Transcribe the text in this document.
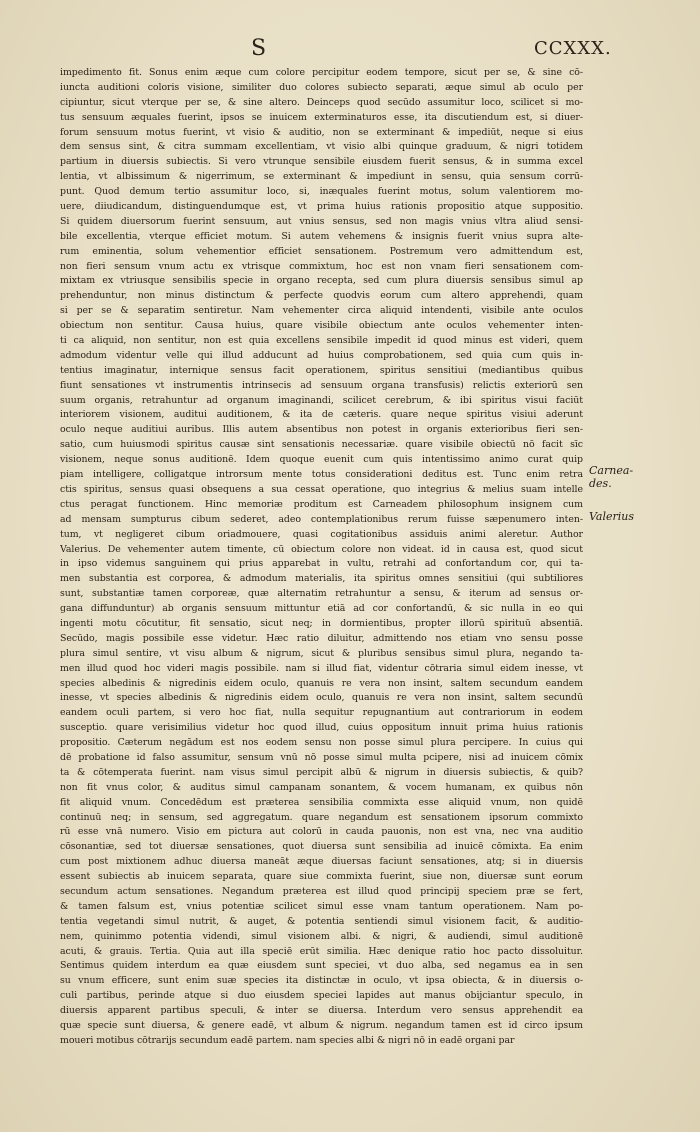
S	CCXXX.
impedimento fit. Sonus enim æque cum colore percipitur eodem tempore, sicut per se, & sine cō-
iuncta auditioni coloris visione, similiter duo colores subiecto separati, æque simul ab oculo per
cipiuntur, sicut vterque per se, & sine altero. Deinceps quod secūdo assumitur loco, scilicet si mo-
tus sensuum æquales fuerint, ipsos se inuicem exterminaturos esse, ita discutiendum est, si diuer-
forum sensuum motus fuerint, vt visio & auditio, non se exterminant & impediūt, neque si eius
dem sensus sint, & citra summam excellentiam, vt visio albi quinque graduum, & nigri totidem
partium in diuersis subiectis. Si vero vtrunque sensibile eiusdem fuerit sensus, & in summa excel
lentia, vt albissimum & nigerrimum, se exterminant & impediunt in sensu, quia sensum corrū-
punt. Quod demum tertio assumitur loco, si, inæquales fuerint motus, solum valentiorem mo-
uere, diiudicandum, distinguendumque est, vt prima huius rationis propositio atque suppositio.
Si quidem diuersorum fuerint sensuum, aut vnius sensus, sed non magis vnius vltra aliud sensi-
bile excellentia, vterque efficiet motum. Si autem vehemens & insignis fuerit vnius supra alte-
rum eminentia, solum vehementior efficiet sensationem. Postremum vero admittendum est,
non fieri sensum vnum actu ex vtrisque commixtum, hoc est non vnam fieri sensationem com-
mixtam ex vtriusque sensibilis specie in organo recepta, sed cum plura diuersis sensibus simul ap
prehenduntur, non minus distinctum & perfecte quodvis eorum cum altero apprehendi, quam
si per se & separatim sentiretur. Nam vehementer circa aliquid intendenti, visibile ante oculos
obiectum non sentitur. Causa huius, quare visibile obiectum ante oculos vehementer inten-
ti ca aliquid, non sentitur, non est quia excellens sensibile impedit id quod minus est videri, quem
admodum videntur velle qui illud adducunt ad huius comprobationem, sed quia cum quis in-
tentius imaginatur, internique sensus facit operationem, spiritus sensitiui (mediantibus quibus
fiunt sensationes vt instrumentis intrinsecis ad sensuum organa transfusis) relictis exteriorū sen
suum organis, retrahuntur ad organum imaginandi, scilicet cerebrum, & ibi spiritus visui faciūt
interiorem visionem, auditui auditionem, & ita de cæteris. quare neque spiritus visiui aderunt
oculo neque auditiui auribus. Illis autem absentibus non potest in organis exterioribus fieri sen-
satio, cum huiusmodi spiritus causæ sint sensationis necessariæ. quare visibile obiectū nō facit sīc
visionem, neque sonus auditionē. Idem quoque euenit cum quis intentissimo animo curat quip
piam intelligere, colligatque introrsum mente totus considerationi deditus est. Tunc enim retra
ctis spiritus, sensus quasi obsequens a sua cessat operatione, quo integrius & melius suam intelle
ctus peragat functionem. Hinc memoriæ proditum est Carneadem philosophum insignem cum
ad mensam sumpturus cibum sederet, adeo contemplationibus rerum fuisse sæpenumero inten-
tum, vt negligeret cibum oriadmouere, quasi cogitationibus assiduis animi aleretur. Author
Valerius. De vehementer autem timente, cū obiectum colore non videat. id in causa est, quod sicut
in ipso videmus sanguinem qui prius apparebat in vultu, retrahi ad confortandum cor, qui ta-
men substantia est corporea, & admodum materialis, ita spiritus omnes sensitiui (qui subtiliores
sunt, substantiæ tamen corporeæ, quæ alternatim retrahuntur a sensu, & iterum ad sensus or-
gana diffunduntur) ab organis sensuum mittuntur etiā ad cor confortandū, & sic nulla in eo qui
ingenti motu cōcutitur, fit sensatio, sicut neq; in dormientibus, propter illorū spirituū absentiā.
Secūdo, magis possibile esse videtur. Hæc ratio diluitur, admittendo nos etiam vno sensu posse
plura simul sentire, vt visu album & nigrum, sicut & pluribus sensibus simul plura, negando ta-
men illud quod hoc videri magis possibile. nam si illud fiat, videntur cōtraria simul eidem inesse, vt
species albedinis & nigredinis eidem oculo, quanuis re vera non insint, saltem secundum eandem
inesse, vt species albedinis & nigredinis eidem oculo, quanuis re vera non insint, saltem secundū
eandem oculi partem, si vero hoc fiat, nulla sequitur repugnantium aut contrariorum in eodem
susceptio. quare verisimilius videtur hoc quod illud, cuius oppositum innuit prima huius rationis
propositio. Cæterum negādum est nos eodem sensu non posse simul plura percipere. In cuius qui
dē probatione id falso assumitur, sensum vnū nō posse simul multa pcipere, nisi ad inuicem cōmix
ta & cōtemperata fuerint. nam visus simul percipit albū & nigrum in diuersis subiectis, & quib?
non fit vnus color, & auditus simul campanam sonantem, & vocem humanam, ex quibus nōn
fit aliquid vnum. Concedēdum est præterea sensibilia commixta esse aliquid vnum, non quidē
continuū neq; in sensum, sed aggregatum. quare negandum est sensationem ipsorum commixto
rū esse vnā numero. Visio em pictura aut colorū in cauda pauonis, non est vna, nec vna auditio
cōsonantiæ, sed tot diuersæ sensationes, quot diuersa sunt sensibilia ad inuicē cōmixta. Ea enim
cum post mixtionem adhuc diuersa maneāt æque diuersas faciunt sensationes, atq; si in diuersis
essent subiectis ab inuicem separata, quare siue commixta fuerint, siue non, diuersæ sunt eorum
secundum actum sensationes. Negandum præterea est illud quod principij speciem præ se fert,
& tamen falsum est, vnius potentiæ scilicet simul esse vnam tantum operationem. Nam po-
tentia vegetandi simul nutrit, & auget, & potentia sentiendi simul visionem facit, & auditio-
nem, quinimmo potentia videndi, simul visionem albi. & nigri, & audiendi, simul auditionē
acuti, & grauis. Tertia. Quia aut illa speciē erūt similia. Hæc denique ratio hoc pacto dissoluitur.
Sentimus quidem interdum ea quæ eiusdem sunt speciei, vt duo alba, sed negamus ea in sen
su vnum efficere, sunt enim suæ species ita distinctæ in oculo, vt ipsa obiecta, & in diuersis o-
culi partibus, perinde atque si duo eiusdem speciei lapides aut manus obijciantur speculo, in
diuersis apparent partibus speculi, & inter se diuersa. Interdum vero sensus apprehendit ea
quæ specie sunt diuersa, & genere eadē, vt album & nigrum. negandum tamen est id circo ipsum
moueri motibus cōtrarijs secundum eadē partem. nam species albi & nigri nō in eadē organi par
Carnea-
des.
Valerius
